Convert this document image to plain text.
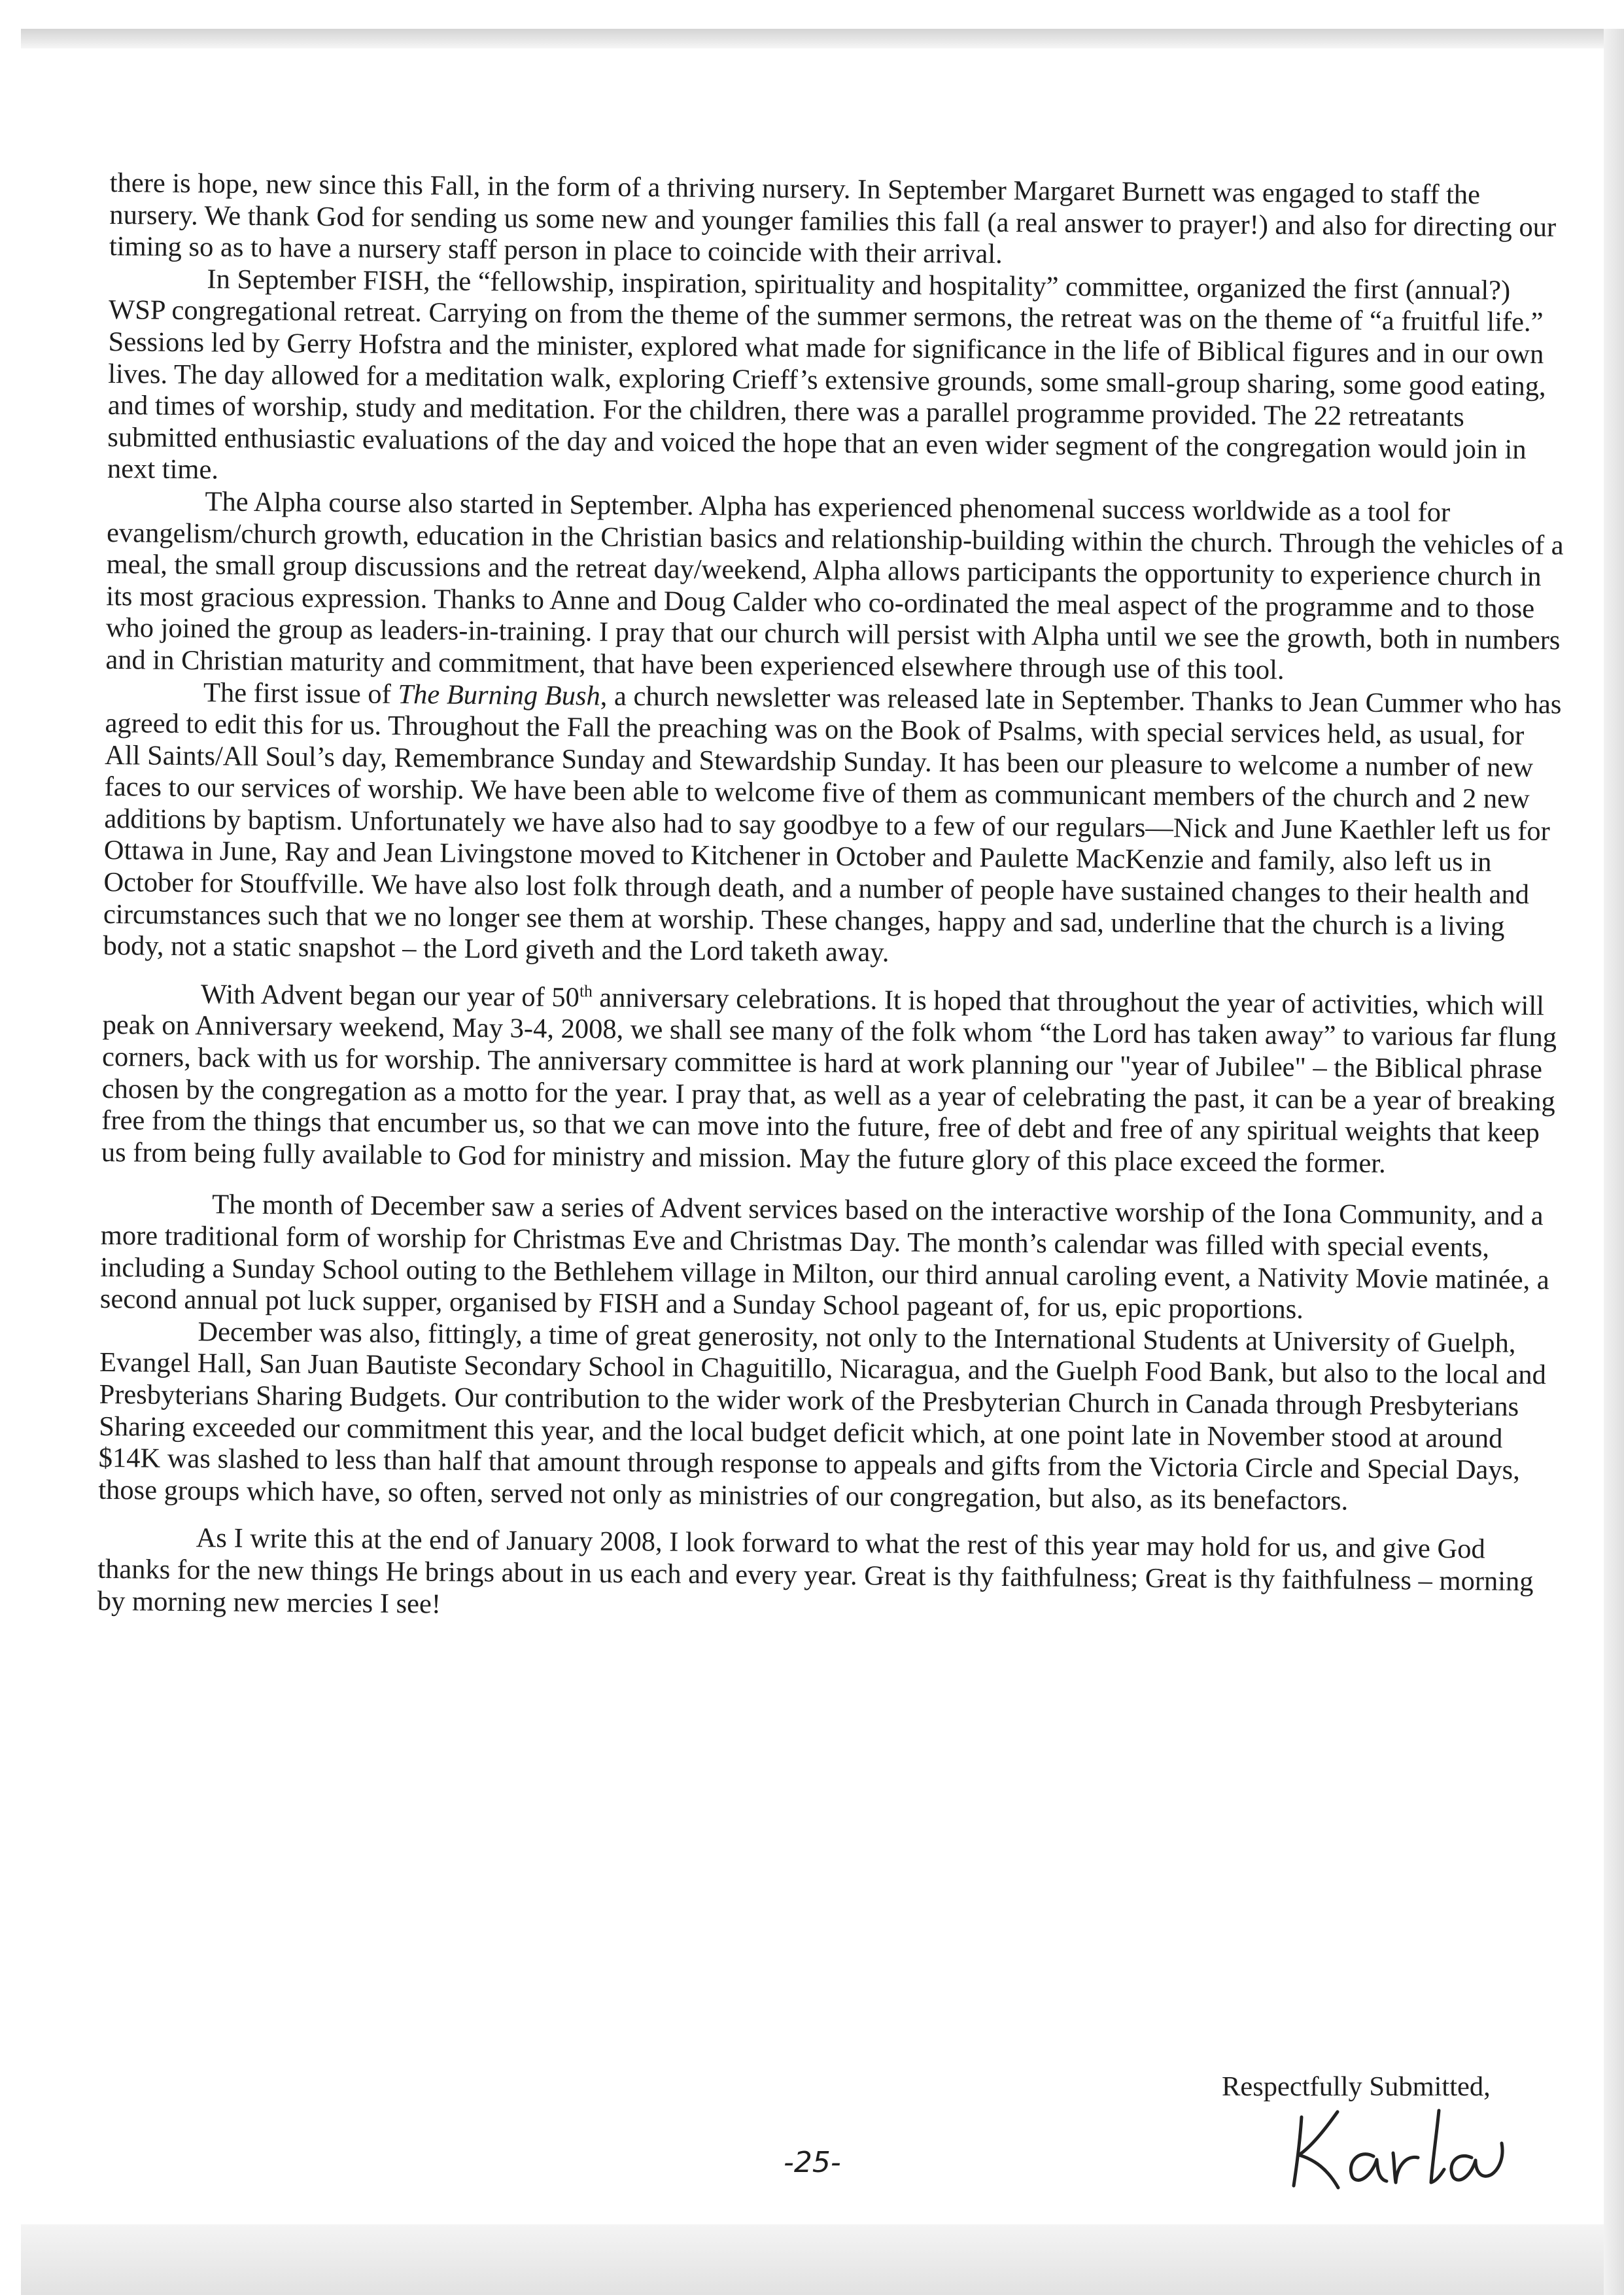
there is hope, new since this Fall, in the form of a thriving nursery. In September Margaret Burnett was engaged to staff the nursery. We thank God for sending us some new and younger families this fall (a real answer to prayer!) and also for directing our timing so as to have a nursery staff person in place to coincide with their arrival.

In September FISH, the “fellowship, inspiration, spirituality and hospitality” committee, organized the first (annual?) WSP congregational retreat. Carrying on from the theme of the summer sermons, the retreat was on the theme of “a fruitful life.” Sessions led by Gerry Hofstra and the minister, explored what made for significance in the life of Biblical figures and in our own lives. The day allowed for a meditation walk, exploring Crieff’s extensive grounds, some small-group sharing, some good eating, and times of worship, study and meditation. For the children, there was a parallel programme provided. The 22 retreatants submitted enthusiastic evaluations of the day and voiced the hope that an even wider segment of the congregation would join in next time.

The Alpha course also started in September. Alpha has experienced phenomenal success worldwide as a tool for evangelism/church growth, education in the Christian basics and relationship-building within the church. Through the vehicles of a meal, the small group discussions and the retreat day/weekend, Alpha allows participants the opportunity to experience church in its most gracious expression. Thanks to Anne and Doug Calder who co-ordinated the meal aspect of the programme and to those who joined the group as leaders-in-training. I pray that our church will persist with Alpha until we see the growth, both in numbers and in Christian maturity and commitment, that have been experienced elsewhere through use of this tool.

The first issue of The Burning Bush, a church newsletter was released late in September. Thanks to Jean Cummer who has agreed to edit this for us. Throughout the Fall the preaching was on the Book of Psalms, with special services held, as usual, for All Saints/All Soul’s day, Remembrance Sunday and Stewardship Sunday. It has been our pleasure to welcome a number of new faces to our services of worship. We have been able to welcome five of them as communicant members of the church and 2 new additions by baptism. Unfortunately we have also had to say goodbye to a few of our regulars—Nick and June Kaethler left us for Ottawa in June, Ray and Jean Livingstone moved to Kitchener in October and Paulette MacKenzie and family, also left us in October for Stouffville. We have also lost folk through death, and a number of people have sustained changes to their health and circumstances such that we no longer see them at worship. These changes, happy and sad, underline that the church is a living body, not a static snapshot – the Lord giveth and the Lord taketh away.

With Advent began our year of 50th anniversary celebrations. It is hoped that throughout the year of activities, which will peak on Anniversary weekend, May 3-4, 2008, we shall see many of the folk whom “the Lord has taken away” to various far flung corners, back with us for worship. The anniversary committee is hard at work planning our "year of Jubilee" – the Biblical phrase chosen by the congregation as a motto for the year. I pray that, as well as a year of celebrating the past, it can be a year of breaking free from the things that encumber us, so that we can move into the future, free of debt and free of any spiritual weights that keep us from being fully available to God for ministry and mission. May the future glory of this place exceed the former.

The month of December saw a series of Advent services based on the interactive worship of the Iona Community, and a more traditional form of worship for Christmas Eve and Christmas Day. The month’s calendar was filled with special events, including a Sunday School outing to the Bethlehem village in Milton, our third annual caroling event, a Nativity Movie matinée, a second annual pot luck supper, organised by FISH and a Sunday School pageant of, for us, epic proportions.

December was also, fittingly, a time of great generosity, not only to the International Students at University of Guelph, Evangel Hall, San Juan Bautiste Secondary School in Chaguitillo, Nicaragua, and the Guelph Food Bank, but also to the local and Presbyterians Sharing Budgets. Our contribution to the wider work of the Presbyterian Church in Canada through Presbyterians Sharing exceeded our commitment this year, and the local budget deficit which, at one point late in November stood at around $14K was slashed to less than half that amount through response to appeals and gifts from the Victoria Circle and Special Days, those groups which have, so often, served not only as ministries of our congregation, but also, as its benefactors.

As I write this at the end of January 2008, I look forward to what the rest of this year may hold for us, and give God thanks for the new things He brings about in us each and every year. Great is thy faithfulness; Great is thy faithfulness – morning by morning new mercies I see!

Respectfully Submitted,
-25-
